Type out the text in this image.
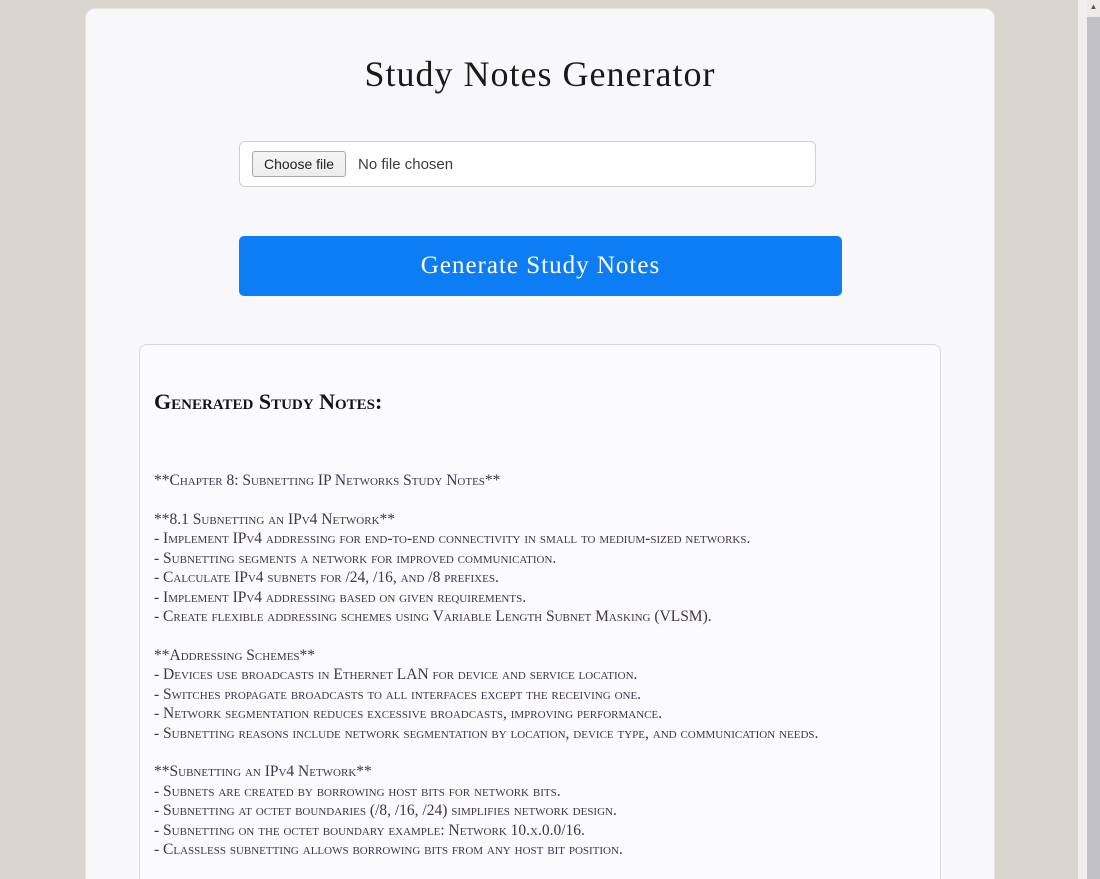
Study Notes Generator
Choose file	No file chosen
Generate Study Notes
Generated Study Notes:
**Chapter 8: Subnetting IP Networks Study Notes**
**8.1 Subnetting an IPv4 Network**
- Implement IPv4 addressing for end-to-end connectivity in small to medium-sized networks.
- Subnetting segments a network for improved communication.
- Calculate IPv4 subnets for /24, /16, and /8 prefixes.
- Implement IPv4 addressing based on given requirements.
- Create flexible addressing schemes using Variable Length Subnet Masking (VLSM).
**Addressing Schemes**
- Devices use broadcasts in Ethernet LAN for device and service location.
- Switches propagate broadcasts to all interfaces except the receiving one.
- Network segmentation reduces excessive broadcasts, improving performance.
- Subnetting reasons include network segmentation by location, device type, and communication needs.
**Subnetting an IPv4 Network**
- Subnets are created by borrowing host bits for network bits.
- Subnetting at octet boundaries (/8, /16, /24) simplifies network design.
- Subnetting on the octet boundary example: Network 10.x.0.0/16.
- Classless subnetting allows borrowing bits from any host bit position.
▲
